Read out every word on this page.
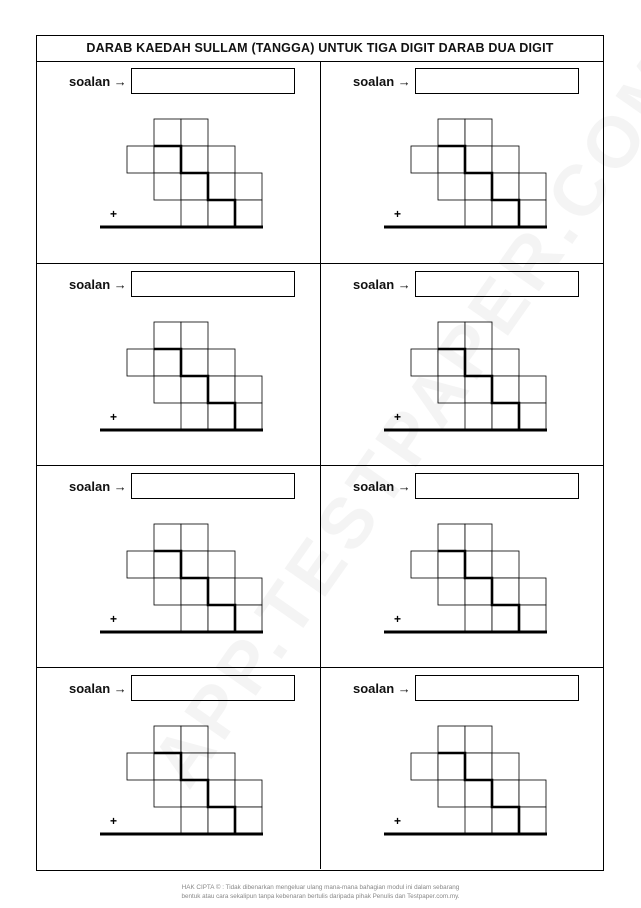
DARAB KAEDAH SULLAM (TANGGA) UNTUK TIGA DIGIT DARAB DUA DIGIT
soalan →
+
soalan →
+
soalan →
+
soalan →
+
soalan →
+
soalan →
+
soalan →
+
soalan →
+
HAK CIPTA © : Tidak dibenarkan mengeluar ulang mana-mana bahagian modul ini dalam sebarang
bentuk atau cara sekalipun tanpa kebenaran bertulis daripada pihak Penulis dan Testpaper.com.my.
